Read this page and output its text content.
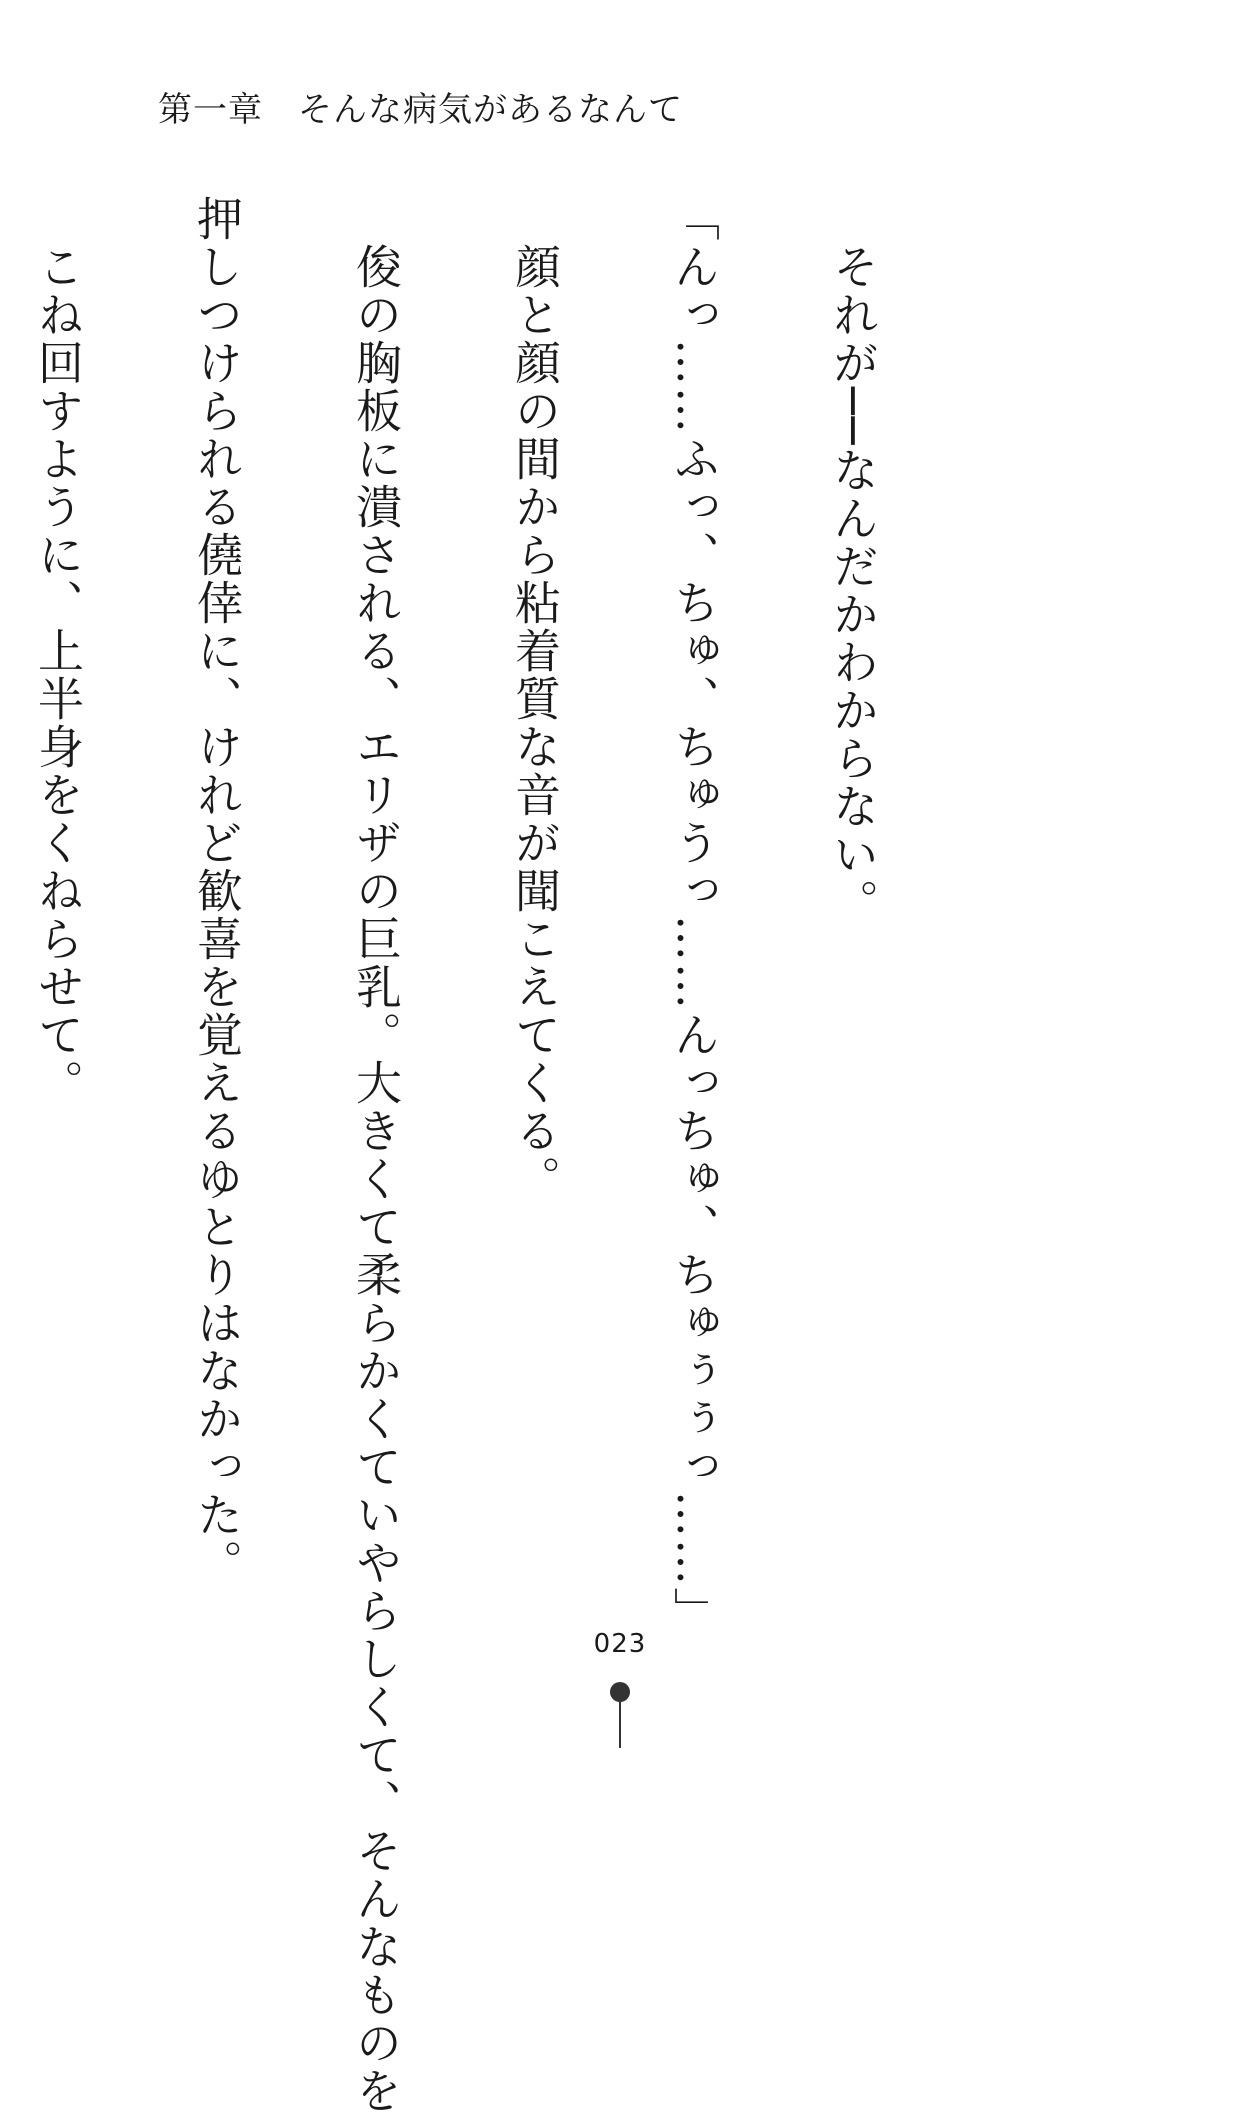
第一章　そんな病気があるなんて

　それが──なんだかわからない。

「んっ……ふっ、ちゅ、ちゅうっ……んっちゅ、ちゅぅぅっ……」

　顔と顔の間から粘着質な音が聞こえてくる。

　俊の胸板に潰される、エリザの巨乳。大きくて柔らかくていやらしくて、そんなものを

押しつけられる僥倖に、けれど歓喜を覚えるゆとりはなかった。

　こね回すように、上半身をくねらせて。

023
